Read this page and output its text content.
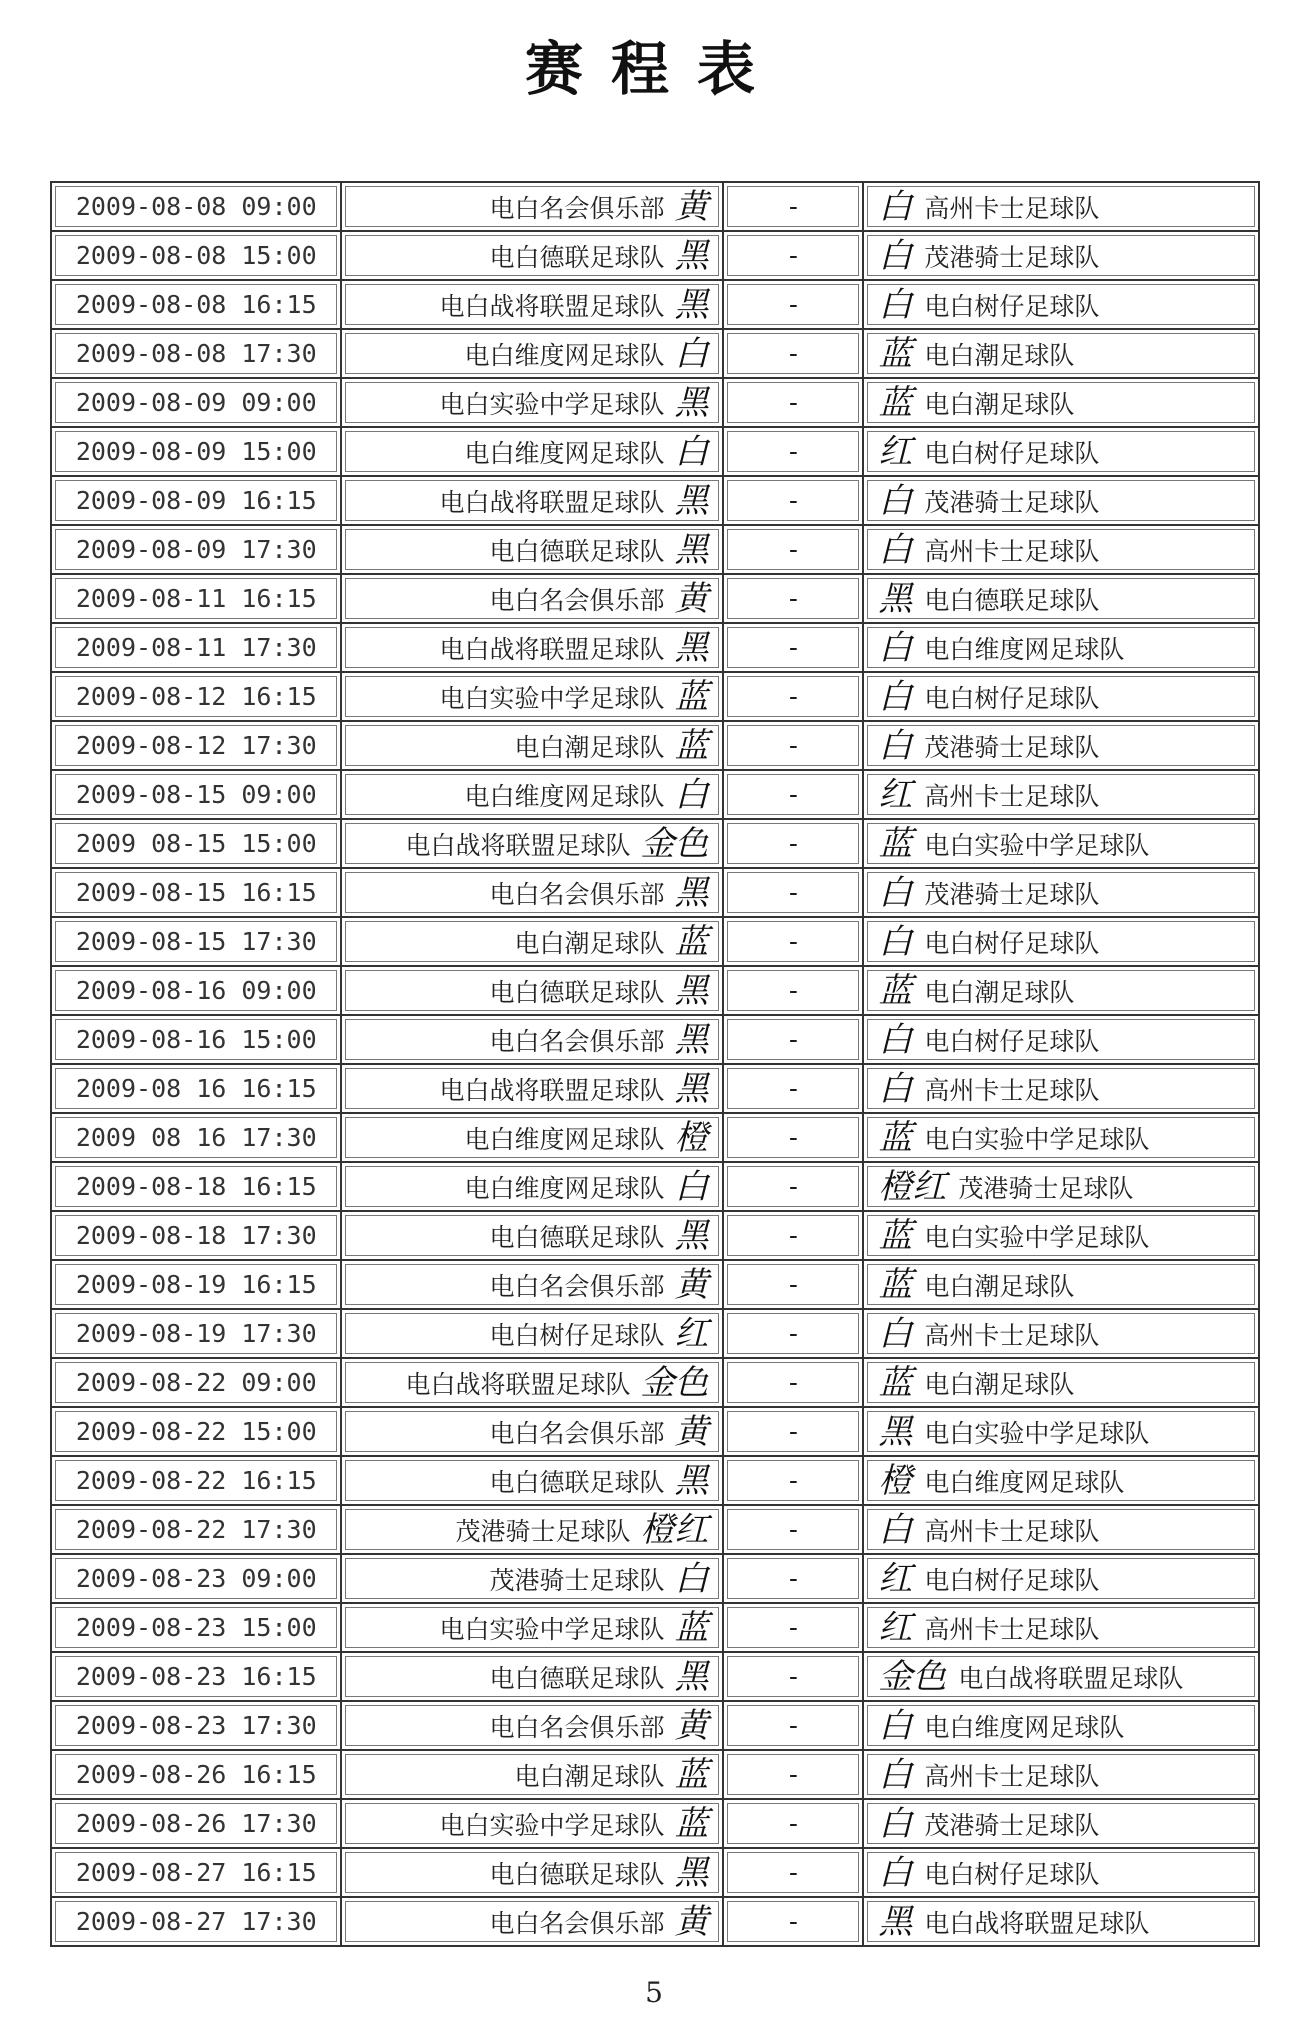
赛程表
2009-08-08 09:00	电白名会俱乐部 黄	-	白 高州卡士足球队

2009-08-08 15:00	电白德联足球队 黑	-	白 茂港骑士足球队

2009-08-08 16:15	电白战将联盟足球队 黑	-	白 电白树仔足球队

2009-08-08 17:30	电白维度网足球队 白	-	蓝 电白潮足球队

2009-08-09 09:00	电白实验中学足球队 黑	-	蓝 电白潮足球队

2009-08-09 15:00	电白维度网足球队 白	-	红 电白树仔足球队

2009-08-09 16:15	电白战将联盟足球队 黑	-	白 茂港骑士足球队

2009-08-09 17:30	电白德联足球队 黑	-	白 高州卡士足球队

2009-08-11 16:15	电白名会俱乐部 黄	-	黑 电白德联足球队

2009-08-11 17:30	电白战将联盟足球队 黑	-	白 电白维度网足球队

2009-08-12 16:15	电白实验中学足球队 蓝	-	白 电白树仔足球队

2009-08-12 17:30	电白潮足球队 蓝	-	白 茂港骑士足球队

2009-08-15 09:00	电白维度网足球队 白	-	红 高州卡士足球队

2009 08-15 15:00	电白战将联盟足球队 金色	-	蓝 电白实验中学足球队

2009-08-15 16:15	电白名会俱乐部 黑	-	白 茂港骑士足球队

2009-08-15 17:30	电白潮足球队 蓝	-	白 电白树仔足球队

2009-08-16 09:00	电白德联足球队 黑	-	蓝 电白潮足球队

2009-08-16 15:00	电白名会俱乐部 黑	-	白 电白树仔足球队

2009-08 16 16:15	电白战将联盟足球队 黑	-	白 高州卡士足球队

2009 08 16 17:30	电白维度网足球队 橙	-	蓝 电白实验中学足球队

2009-08-18 16:15	电白维度网足球队 白	-	橙红 茂港骑士足球队

2009-08-18 17:30	电白德联足球队 黑	-	蓝 电白实验中学足球队

2009-08-19 16:15	电白名会俱乐部 黄	-	蓝 电白潮足球队

2009-08-19 17:30	电白树仔足球队 红	-	白 高州卡士足球队

2009-08-22 09:00	电白战将联盟足球队 金色	-	蓝 电白潮足球队

2009-08-22 15:00	电白名会俱乐部 黄	-	黑 电白实验中学足球队

2009-08-22 16:15	电白德联足球队 黑	-	橙 电白维度网足球队

2009-08-22 17:30	茂港骑士足球队 橙红	-	白 高州卡士足球队

2009-08-23 09:00	茂港骑士足球队 白	-	红 电白树仔足球队

2009-08-23 15:00	电白实验中学足球队 蓝	-	红 高州卡士足球队

2009-08-23 16:15	电白德联足球队 黑	-	金色 电白战将联盟足球队

2009-08-23 17:30	电白名会俱乐部 黄	-	白 电白维度网足球队

2009-08-26 16:15	电白潮足球队 蓝	-	白 高州卡士足球队

2009-08-26 17:30	电白实验中学足球队 蓝	-	白 茂港骑士足球队

2009-08-27 16:15	电白德联足球队 黑	-	白 电白树仔足球队

2009-08-27 17:30	电白名会俱乐部 黄	-	黑 电白战将联盟足球队
5
